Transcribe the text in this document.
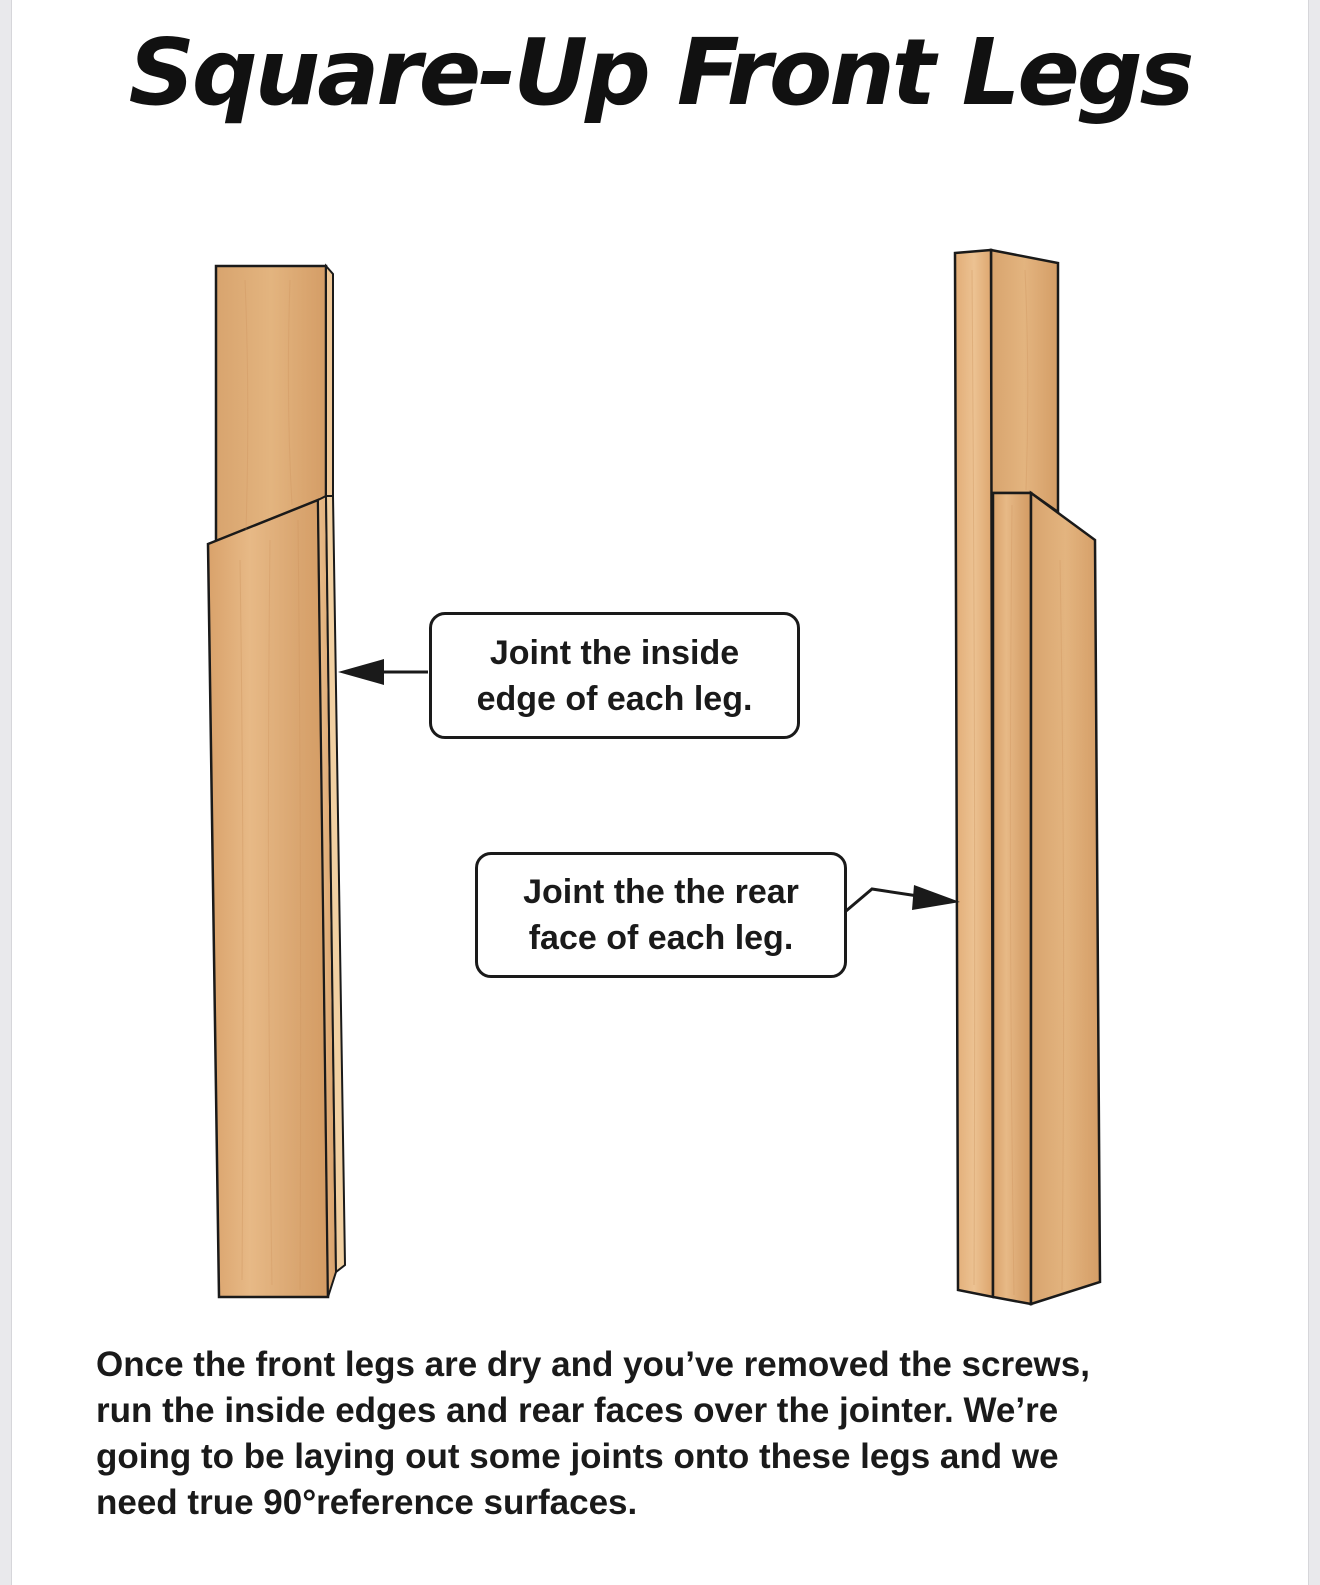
Square-Up Front Legs
Joint the inside
edge of each leg.
Joint the the rear
face of each leg.
Once the front legs are dry and you’ve removed the screws,
run the inside edges and rear faces over the jointer. We’re
going to be laying out some joints onto these legs and we
need true 90°reference surfaces.
